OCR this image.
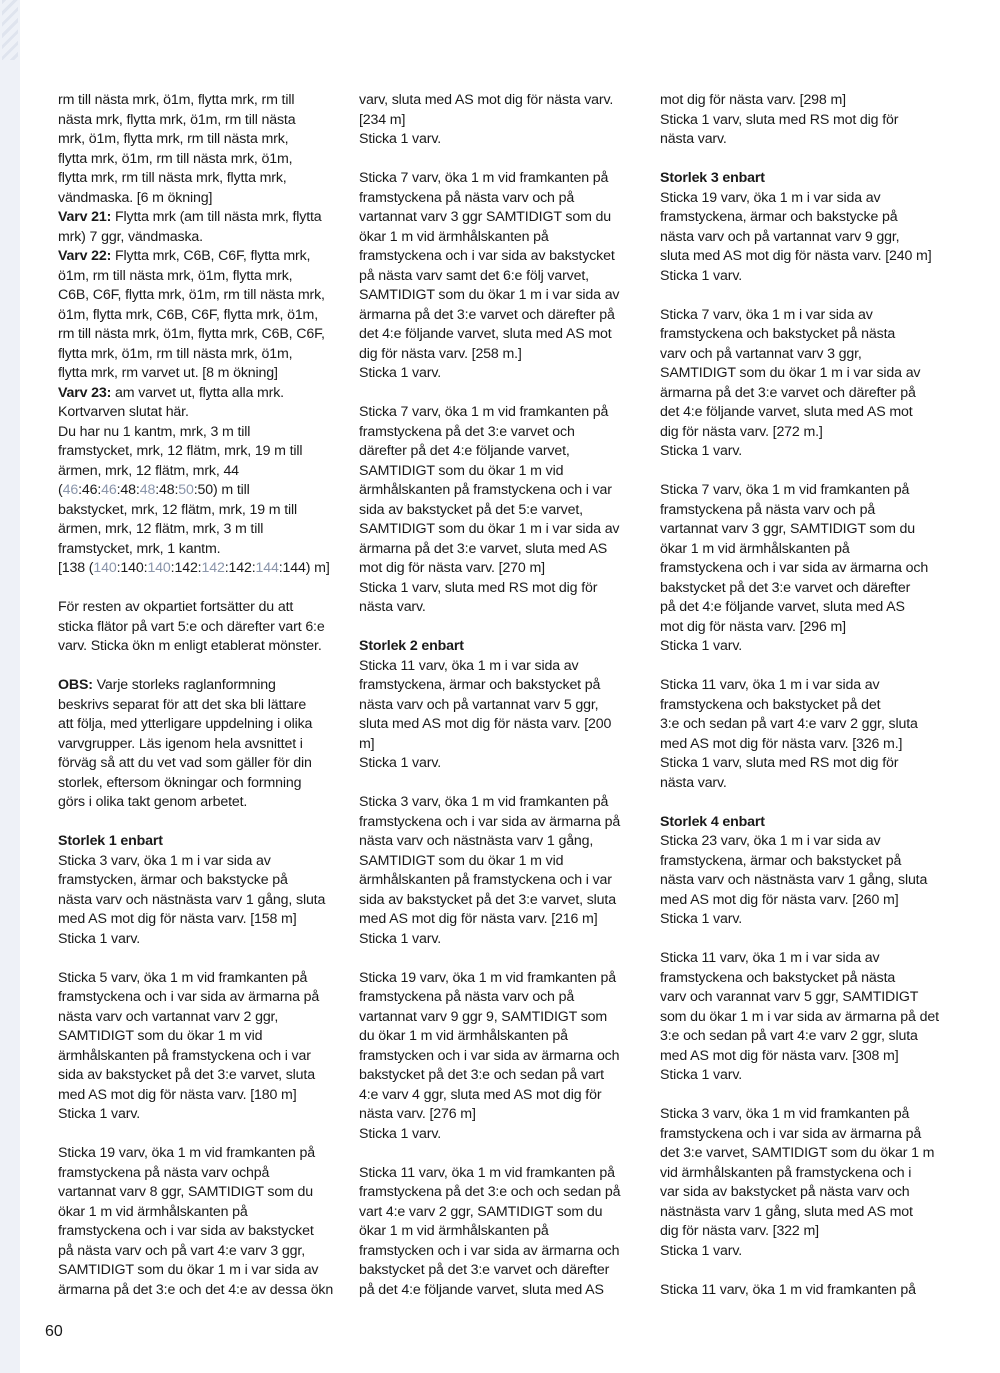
rm till nästa mrk, ö1m, flytta mrk, rm till
nästa mrk, flytta mrk, ö1m, rm till nästa
mrk, ö1m, flytta mrk, rm till nästa mrk,
flytta mrk, ö1m, rm till nästa mrk, ö1m,
flytta mrk, rm till nästa mrk, flytta mrk,
vändmaska. [6 m ökning]
Varv 21: Flytta mrk (am till nästa mrk, flytta
mrk) 7 ggr, vändmaska.
Varv 22: Flytta mrk, C6B, C6F, flytta mrk,
ö1m, rm till nästa mrk, ö1m, flytta mrk,
C6B, C6F, flytta mrk, ö1m, rm till nästa mrk,
ö1m, flytta mrk, C6B, C6F, flytta mrk, ö1m,
rm till nästa mrk, ö1m, flytta mrk, C6B, C6F,
flytta mrk, ö1m, rm till nästa mrk, ö1m,
flytta mrk, rm varvet ut. [8 m ökning]
Varv 23: am varvet ut, flytta alla mrk.
Kortvarven slutat här.
Du har nu 1 kantm, mrk, 3 m till
framstycket, mrk, 12 flätm, mrk, 19 m till
ärmen, mrk, 12 flätm, mrk, 44
(46:46:46:48:48:48:50:50) m till
bakstycket, mrk, 12 flätm, mrk, 19 m till
ärmen, mrk, 12 flätm, mrk, 3 m till
framstycket, mrk, 1 kantm.
[138 (140:140:140:142:142:142:144:144) m]

För resten av okpartiet fortsätter du att
sticka flätor på vart 5:e och därefter vart 6:e
varv. Sticka ökn m enligt etablerat mönster.

OBS: Varje storleks raglanformning
beskrivs separat för att det ska bli lättare
att följa, med ytterligare uppdelning i olika
varvgrupper. Läs igenom hela avsnittet i
förväg så att du vet vad som gäller för din
storlek, eftersom ökningar och formning
görs i olika takt genom arbetet.

Storlek 1 enbart
Sticka 3 varv, öka 1 m i var sida av
framstycken, ärmar och bakstycke på
nästa varv och nästnästa varv 1 gång, sluta
med AS mot dig för nästa varv. [158 m]
Sticka 1 varv.

Sticka 5 varv, öka 1 m vid framkanten på
framstyckena och i var sida av ärmarna på
nästa varv och vartannat varv 2 ggr,
SAMTIDIGT som du ökar 1 m vid
ärmhålskanten på framstyckena och i var
sida av bakstycket på det 3:e varvet, sluta
med AS mot dig för nästa varv. [180 m]
Sticka 1 varv.

Sticka 19 varv, öka 1 m vid framkanten på
framstyckena på nästa varv ochpå
vartannat varv 8 ggr, SAMTIDIGT som du
ökar 1 m vid ärmhålskanten på
framstyckena och i var sida av bakstycket
på nästa varv och på vart 4:e varv 3 ggr,
SAMTIDIGT som du ökar 1 m i var sida av
ärmarna på det 3:e och det 4:e av dessa ökn

varv, sluta med AS mot dig för nästa varv.
[234 m]
Sticka 1 varv.

Sticka 7 varv, öka 1 m vid framkanten på
framstyckena på nästa varv och på
vartannat varv 3 ggr SAMTIDIGT som du
ökar 1 m vid ärmhålskanten på
framstyckena och i var sida av bakstycket
på nästa varv samt det 6:e följ varvet,
SAMTIDIGT som du ökar 1 m i var sida av
ärmarna på det 3:e varvet och därefter på
det 4:e följande varvet, sluta med AS mot
dig för nästa varv. [258 m.]
Sticka 1 varv.

Sticka 7 varv, öka 1 m vid framkanten på
framstyckena på det 3:e varvet och
därefter på det 4:e följande varvet,
SAMTIDIGT som du ökar 1 m vid
ärmhålskanten på framstyckena och i var
sida av bakstycket på det 5:e varvet,
SAMTIDIGT som du ökar 1 m i var sida av
ärmarna på det 3:e varvet, sluta med AS
mot dig för nästa varv. [270 m]
Sticka 1 varv, sluta med RS mot dig för
nästa varv.

Storlek 2 enbart
Sticka 11 varv, öka 1 m i var sida av
framstyckena, ärmar och bakstycket på
nästa varv och på vartannat varv 5 ggr,
sluta med AS mot dig för nästa varv. [200
m]
Sticka 1 varv.

Sticka 3 varv, öka 1 m vid framkanten på
framstyckena och i var sida av ärmarna på
nästa varv och nästnästa varv 1 gång,
SAMTIDIGT som du ökar 1 m vid
ärmhålskanten på framstyckena och i var
sida av bakstycket på det 3:e varvet, sluta
med AS mot dig för nästa varv. [216 m]
Sticka 1 varv.

Sticka 19 varv, öka 1 m vid framkanten på
framstyckena på nästa varv och på
vartannat varv 9 ggr 9, SAMTIDIGT som
du ökar 1 m vid ärmhålskanten på
framstycken och i var sida av ärmarna och
bakstycket på det 3:e och sedan på vart
4:e varv 4 ggr, sluta med AS mot dig för
nästa varv. [276 m]
Sticka 1 varv.

Sticka 11 varv, öka 1 m vid framkanten på
framstyckena på det 3:e och och sedan på
vart 4:e varv 2 ggr, SAMTIDIGT som du
ökar 1 m vid ärmhålskanten på
framstycken och i var sida av ärmarna och
bakstycket på det 3:e varvet och därefter
på det 4:e följande varvet, sluta med AS

mot dig för nästa varv. [298 m]
Sticka 1 varv, sluta med RS mot dig för
nästa varv.

Storlek 3 enbart
Sticka 19 varv, öka 1 m i var sida av
framstyckena, ärmar och bakstycke på
nästa varv och på vartannat varv 9 ggr,
sluta med AS mot dig för nästa varv. [240 m]
Sticka 1 varv.

Sticka 7 varv, öka 1 m i var sida av
framstyckena och bakstycket på nästa
varv och på vartannat varv 3 ggr,
SAMTIDIGT som du ökar 1 m i var sida av
ärmarna på det 3:e varvet och därefter på
det 4:e följande varvet, sluta med AS mot
dig för nästa varv. [272 m.]
Sticka 1 varv.

Sticka 7 varv, öka 1 m vid framkanten på
framstyckena på nästa varv och på
vartannat varv 3 ggr, SAMTIDIGT som du
ökar 1 m vid ärmhålskanten på
framstyckena och i var sida av ärmarna och
bakstycket på det 3:e varvet och därefter
på det 4:e följande varvet, sluta med AS
mot dig för nästa varv. [296 m]
Sticka 1 varv.

Sticka 11 varv, öka 1 m i var sida av
framstyckena och bakstycket på det
3:e och sedan på vart 4:e varv 2 ggr, sluta
med AS mot dig för nästa varv. [326 m.]
Sticka 1 varv, sluta med RS mot dig för
nästa varv.

Storlek 4 enbart
Sticka 23 varv, öka 1 m i var sida av
framstyckena, ärmar och bakstycket på
nästa varv och nästnästa varv 1 gång, sluta
med AS mot dig för nästa varv. [260 m]
Sticka 1 varv.

Sticka 11 varv, öka 1 m i var sida av
framstyckena och bakstycket på nästa
varv och varannat varv 5 ggr, SAMTIDIGT
som du ökar 1 m i var sida av ärmarna på det
3:e och sedan på vart 4:e varv 2 ggr, sluta
med AS mot dig för nästa varv. [308 m]
Sticka 1 varv.

Sticka 3 varv, öka 1 m vid framkanten på
framstyckena och i var sida av ärmarna på
det 3:e varvet, SAMTIDIGT som du ökar 1 m
vid ärmhålskanten på framstyckena och i
var sida av bakstycket på nästa varv och
nästnästa varv 1 gång, sluta med AS mot
dig för nästa varv. [322 m]
Sticka 1 varv.

Sticka 11 varv, öka 1 m vid framkanten på

60
